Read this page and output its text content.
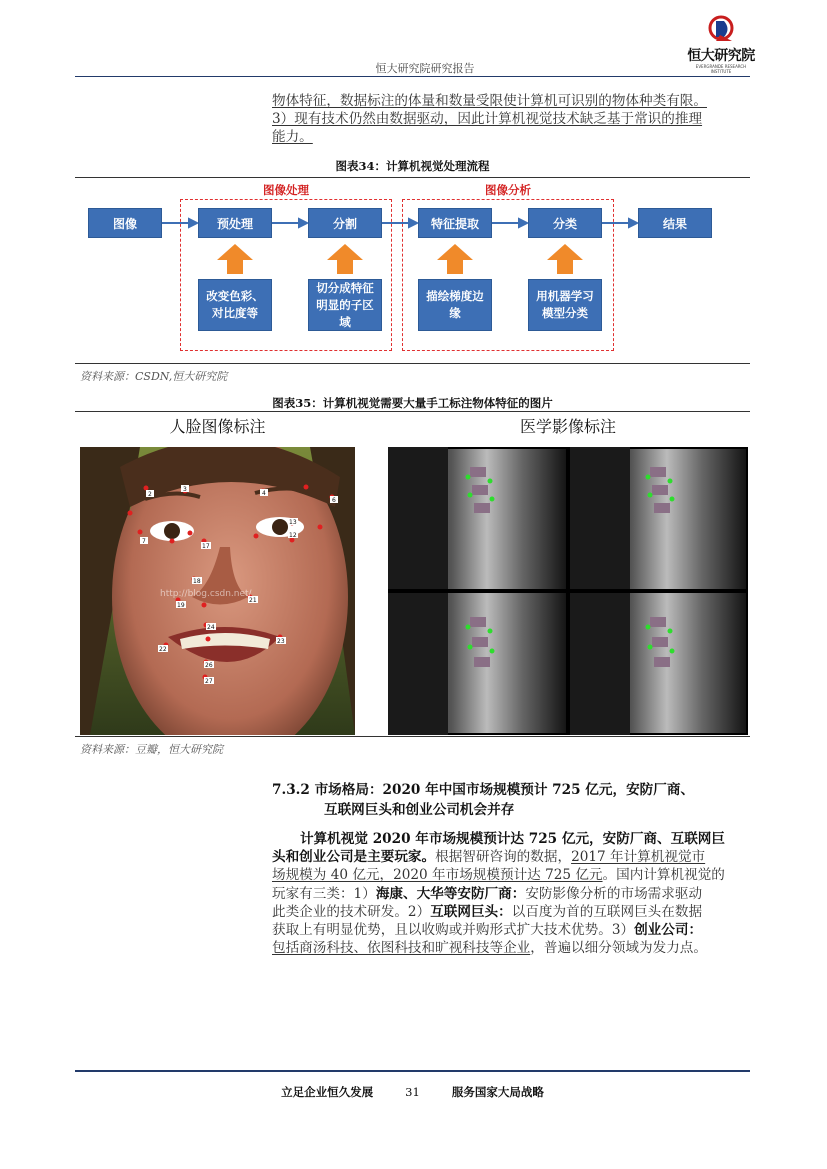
恒大研究院
EVERGRANDE RESEARCH INSTITUTE
恒大研究院研究报告
物体特征，数据标注的体量和数量受限使计算机可识别的物体种类有限。
3）现有技术仍然由数据驱动，因此计算机视觉技术缺乏基于常识的推理
能力。
图表34：计算机视觉处理流程
图像处理	图像分析
图像	预处理	分割	特征提取	分类	结果
改变色彩、对比度等
切分成特征明显的子区域
描绘梯度边缘
用机器学习模型分类
资料来源：CSDN,恒大研究院
图表35：计算机视觉需要大量手工标注物体特征的图片
人脸图像标注	医学影像标注
2
3
4
6
7
17
13
12
18
19
21
24
22
23
26
27
http://blog.csdn.net/
资料来源：豆瓣，恒大研究院
7.3.2 市场格局：2020 年中国市场规模预计 725 亿元，安防厂商、
互联网巨头和创业公司机会并存
计算机视觉 2020 年市场规模预计达 725 亿元，安防厂商、互联网巨
头和创业公司是主要玩家。根据智研咨询的数据，2017 年计算机视觉市
场规模为 40 亿元，2020 年市场规模预计达 725 亿元。国内计算机视觉的
玩家有三类：1）海康、大华等安防厂商：安防影像分析的市场需求驱动
此类企业的技术研发。2）互联网巨头：以百度为首的互联网巨头在数据
获取上有明显优势，且以收购或并购形式扩大技术优势。3）创业公司：
包括商汤科技、依图科技和旷视科技等企业，普遍以细分领域为发力点。
立足企业恒久发展	31	服务国家大局战略
